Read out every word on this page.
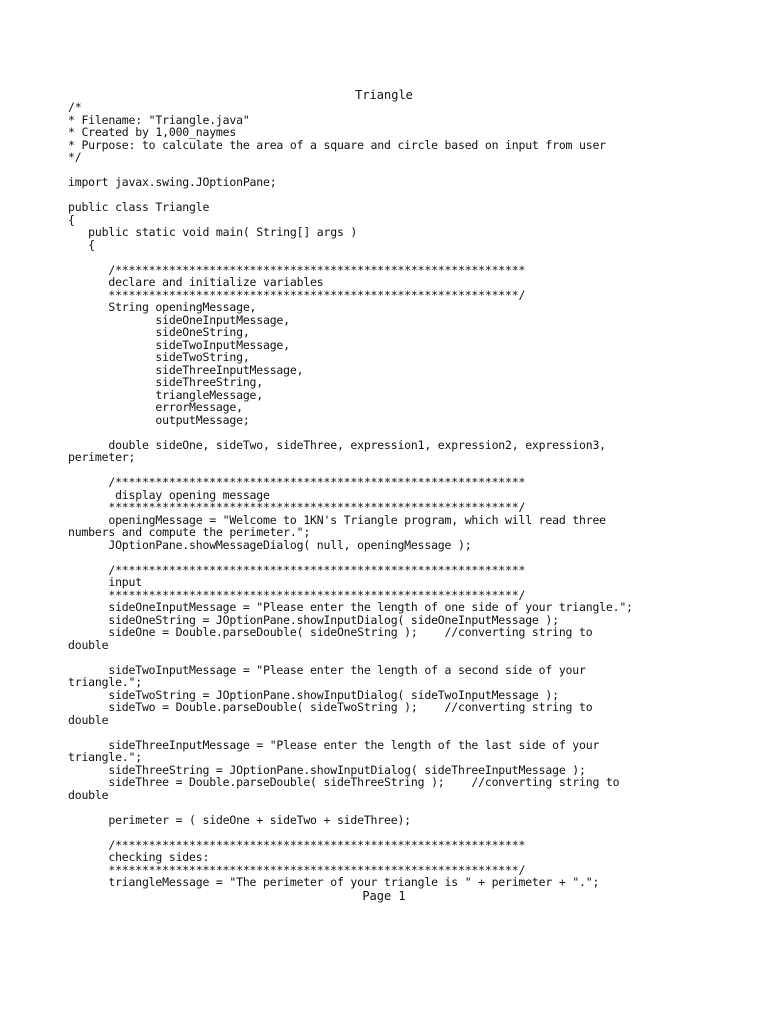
Triangle
/*
* Filename: "Triangle.java"
* Created by 1,000_naymes
* Purpose: to calculate the area of a square and circle based on input from user
*/
import javax.swing.JOptionPane;
public class Triangle
{
public static void main( String[] args )
{
/*************************************************************
declare and initialize variables
*************************************************************/
String openingMessage,
sideOneInputMessage,
sideOneString,
sideTwoInputMessage,
sideTwoString,
sideThreeInputMessage,
sideThreeString,
triangleMessage,
errorMessage,
outputMessage;
double sideOne, sideTwo, sideThree, expression1, expression2, expression3,
perimeter;
/*************************************************************
display opening message
*************************************************************/
openingMessage = "Welcome to 1KN's Triangle program, which will read three
numbers and compute the perimeter.";
JOptionPane.showMessageDialog( null, openingMessage );
/*************************************************************
input
*************************************************************/
sideOneInputMessage = "Please enter the length of one side of your triangle.";
sideOneString = JOptionPane.showInputDialog( sideOneInputMessage );
sideOne = Double.parseDouble( sideOneString );    //converting string to
double
sideTwoInputMessage = "Please enter the length of a second side of your
triangle.";
sideTwoString = JOptionPane.showInputDialog( sideTwoInputMessage );
sideTwo = Double.parseDouble( sideTwoString );    //converting string to
double
sideThreeInputMessage = "Please enter the length of the last side of your
triangle.";
sideThreeString = JOptionPane.showInputDialog( sideThreeInputMessage );
sideThree = Double.parseDouble( sideThreeString );    //converting string to
double
perimeter = ( sideOne + sideTwo + sideThree);
/*************************************************************
checking sides:
*************************************************************/
triangleMessage = "The perimeter of your triangle is " + perimeter + ".";
Page 1
